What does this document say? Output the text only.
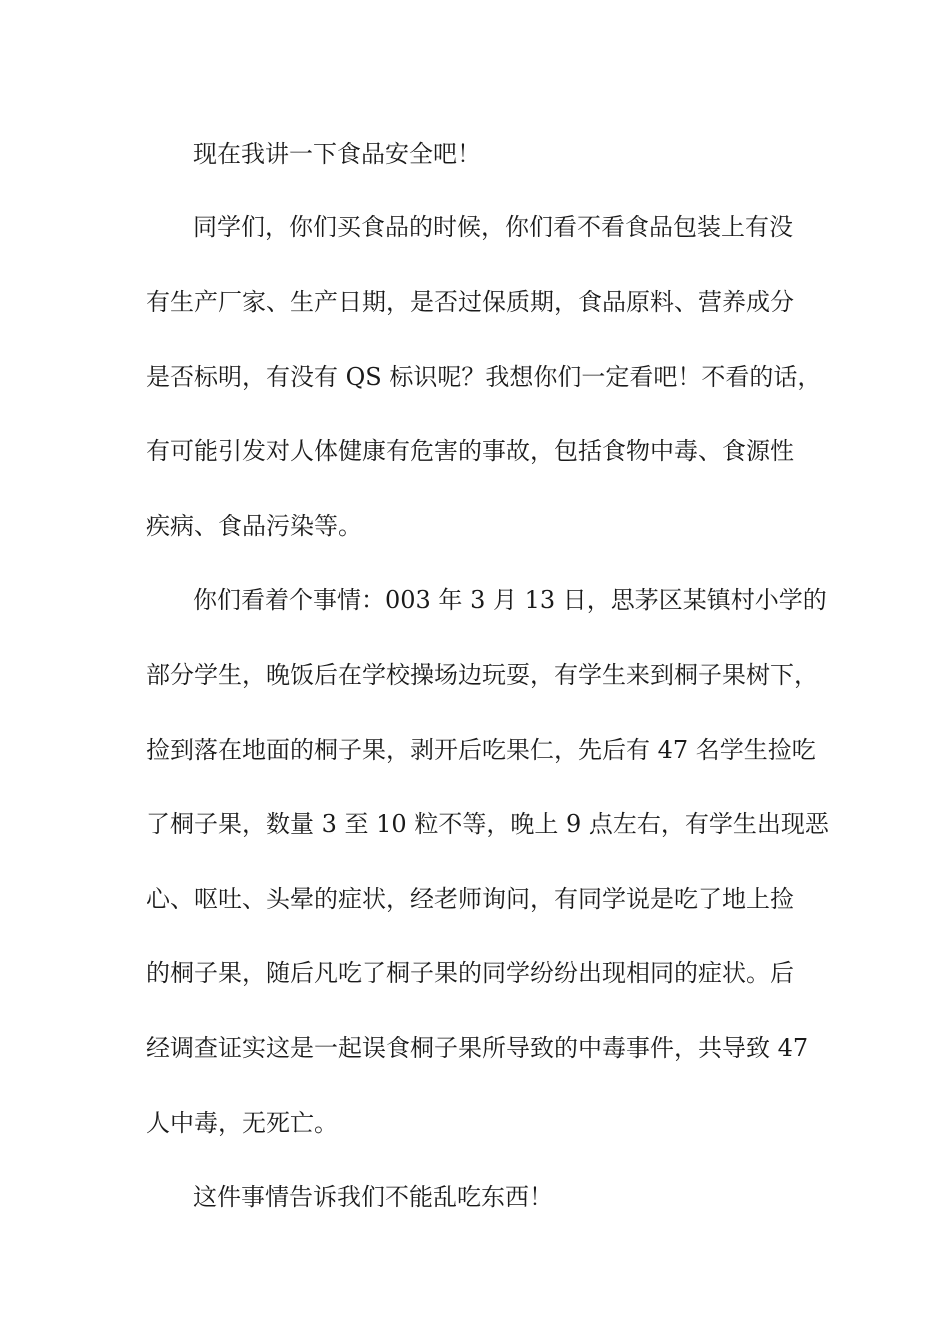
现在我讲一下食品安全吧！
同学们，你们买食品的时候，你们看不看食品包装上有没
有生产厂家、生产日期，是否过保质期，食品原料、营养成分
是否标明，有没有 QS 标识呢？我想你们一定看吧！不看的话，
有可能引发对人体健康有危害的事故，包括食物中毒、食源性
疾病、食品污染等。
你们看着个事情：003 年 3 月 13 日，思茅区某镇村小学的
部分学生，晚饭后在学校操场边玩耍，有学生来到桐子果树下，
捡到落在地面的桐子果，剥开后吃果仁，先后有 47 名学生捡吃
了桐子果，数量 3 至 10 粒不等，晚上 9 点左右，有学生出现恶
心、呕吐、头晕的症状，经老师询问，有同学说是吃了地上捡
的桐子果，随后凡吃了桐子果的同学纷纷出现相同的症状。后
经调查证实这是一起误食桐子果所导致的中毒事件，共导致 47
人中毒，无死亡。
这件事情告诉我们不能乱吃东西！
